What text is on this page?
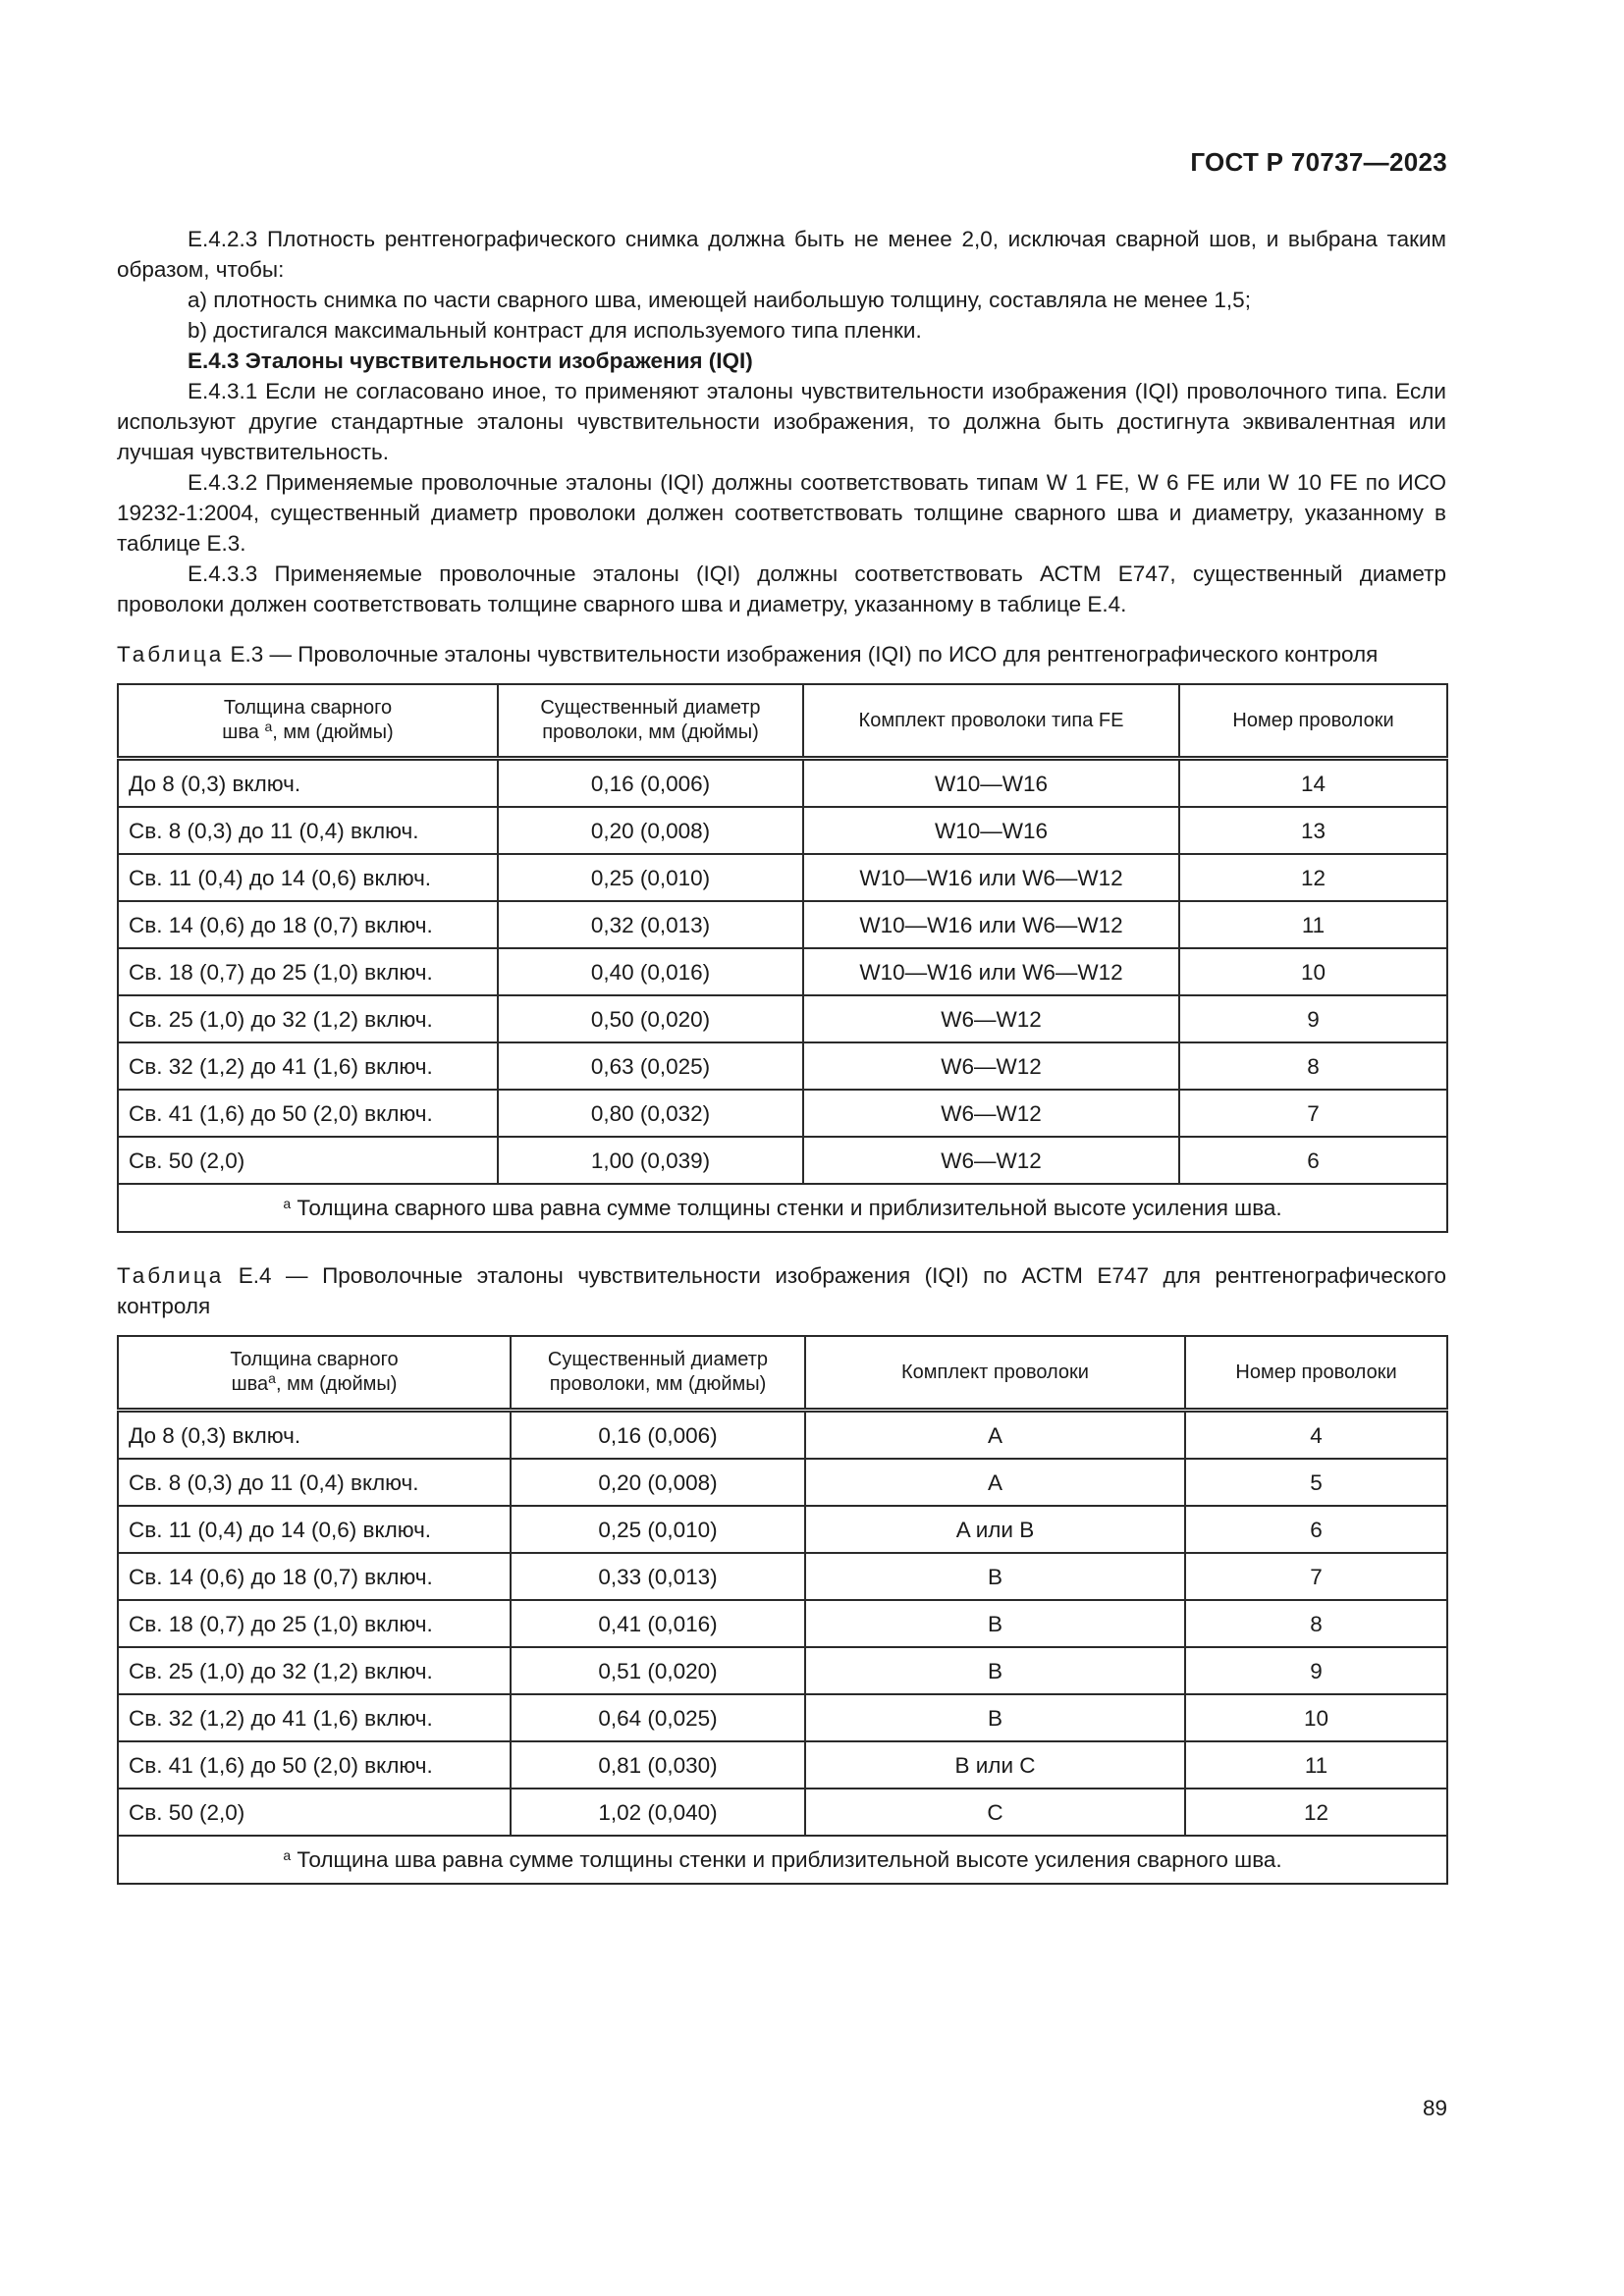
ГОСТ Р 70737—2023

Е.4.2.3 Плотность рентгенографического снимка должна быть не менее 2,0, исключая сварной шов, и выбрана таким образом, чтобы:

a) плотность снимка по части сварного шва, имеющей наибольшую толщину, составляла не менее 1,5;

b) достигался максимальный контраст для используемого типа пленки.

Е.4.3 Эталоны чувствительности изображения (IQI)

Е.4.3.1 Если не согласовано иное, то применяют эталоны чувствительности изображения (IQI) проволочного типа. Если используют другие стандартные эталоны чувствительности изображения, то должна быть достигнута эквивалентная или лучшая чувствительность.

Е.4.3.2 Применяемые проволочные эталоны (IQI) должны соответствовать типам W 1 FE, W 6 FE или W 10 FE по ИСО 19232-1:2004, существенный диаметр проволоки должен соответствовать толщине сварного шва и диаметру, указанному в таблице Е.3.

Е.4.3.3 Применяемые проволочные эталоны (IQI) должны соответствовать АСТМ E747, существенный диаметр проволоки должен соответствовать толщине сварного шва и диаметру, указанному в таблице Е.4.

Таблица Е.3 — Проволочные эталоны чувствительности изображения (IQI) по ИСО для рентгенографического контроля

Толщина сварного
шва $^a$, мм (дюймы)	Существенный диаметр проволоки, мм (дюймы)	Комплект проволоки типа FE	Номер проволоки
До 8 (0,3) включ.	0,16 (0,006)	W10—W16	14
Св. 8 (0,3) до 11 (0,4) включ.	0,20 (0,008)	W10—W16	13
Св. 11 (0,4) до 14 (0,6) включ.	0,25 (0,010)	W10—W16 или W6—W12	12
Св. 14 (0,6) до 18 (0,7) включ.	0,32 (0,013)	W10—W16 или W6—W12	11
Св. 18 (0,7) до 25 (1,0) включ.	0,40 (0,016)	W10—W16 или W6—W12	10
Св. 25 (1,0) до 32 (1,2) включ.	0,50 (0,020)	W6—W12	9
Св. 32 (1,2) до 41 (1,6) включ.	0,63 (0,025)	W6—W12	8
Св. 41 (1,6) до 50 (2,0) включ.	0,80 (0,032)	W6—W12	7
Св. 50 (2,0)	1,00 (0,039)	W6—W12	6
$^a$ Толщина сварного шва равна сумме толщины стенки и приблизительной высоте усиления шва.			

Таблица Е.4 — Проволочные эталоны чувствительности изображения (IQI) по АСТМ E747 для рентгенографического контроля

Толщина сварного
шва$^a$, мм (дюймы)	Существенный диаметр проволоки, мм (дюймы)	Комплект проволоки	Номер проволоки
До 8 (0,3) включ.	0,16 (0,006)	A	4
Св. 8 (0,3) до 11 (0,4) включ.	0,20 (0,008)	A	5
Св. 11 (0,4) до 14 (0,6) включ.	0,25 (0,010)	A или B	6
Св. 14 (0,6) до 18 (0,7) включ.	0,33 (0,013)	B	7
Св. 18 (0,7) до 25 (1,0) включ.	0,41 (0,016)	B	8
Св. 25 (1,0) до 32 (1,2) включ.	0,51 (0,020)	B	9
Св. 32 (1,2) до 41 (1,6) включ.	0,64 (0,025)	B	10
Св. 41 (1,6) до 50 (2,0) включ.	0,81 (0,030)	B или C	11
Св. 50 (2,0)	1,02 (0,040)	C	12
$^a$ Толщина шва равна сумме толщины стенки и приблизительной высоте усиления сварного шва.			
89
